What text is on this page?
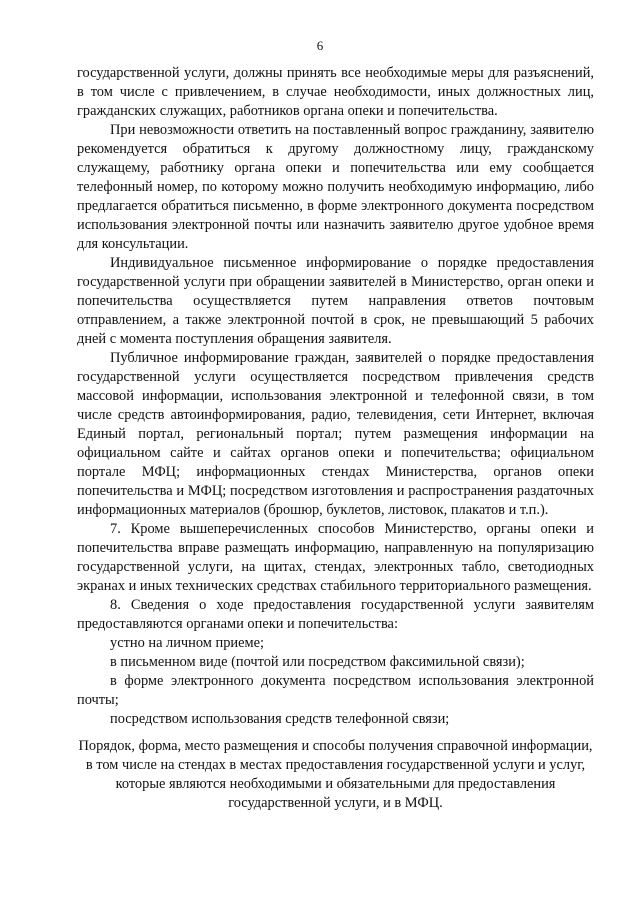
6

государственной услуги, должны принять все необходимые меры для разъяснений, в том числе с привлечением, в случае необходимости, иных должностных лиц, гражданских служащих, работников органа опеки и попечительства.

При невозможности ответить на поставленный вопрос гражданину, заявителю рекомендуется обратиться к другому должностному лицу, гражданскому служащему, работнику органа опеки и попечительства или ему сообщается телефонный номер, по которому можно получить необходимую информацию, либо предлагается обратиться письменно, в форме электронного документа посредством использования электронной почты или назначить заявителю другое удобное время для консультации.

Индивидуальное письменное информирование о порядке предоставления государственной услуги при обращении заявителей в Министерство, орган опеки и попечительства осуществляется путем направления ответов почтовым отправлением, а также электронной почтой в срок, не превышающий 5 рабочих дней с момента поступления обращения заявителя.

Публичное информирование граждан, заявителей о порядке предоставления государственной услуги осуществляется посредством привлечения средств массовой информации, использования электронной и телефонной связи, в том числе средств автоинформирования, радио, телевидения, сети Интернет, включая Единый портал, региональный портал; путем размещения информации на официальном сайте и сайтах органов опеки и попечительства; официальном портале МФЦ; информационных стендах Министерства, органов опеки попечительства и МФЦ; посредством изготовления и распространения раздаточных информационных материалов (брошюр, буклетов, листовок, плакатов и т.п.).

7. Кроме вышеперечисленных способов Министерство, органы опеки и попечительства вправе размещать информацию, направленную на популяризацию государственной услуги, на щитах, стендах, электронных табло, светодиодных экранах и иных технических средствах стабильного территориального размещения.

8. Сведения о ходе предоставления государственной услуги заявителям предоставляются органами опеки и попечительства:

устно на личном приеме;

в письменном виде (почтой или посредством факсимильной связи);

в форме электронного документа посредством использования электронной почты;

посредством использования средств телефонной связи;

Порядок, форма, место размещения и способы получения справочной информации, в том числе на стендах в местах предоставления государственной услуги и услуг, которые являются необходимыми и обязательными для предоставления государственной услуги, и в МФЦ.
